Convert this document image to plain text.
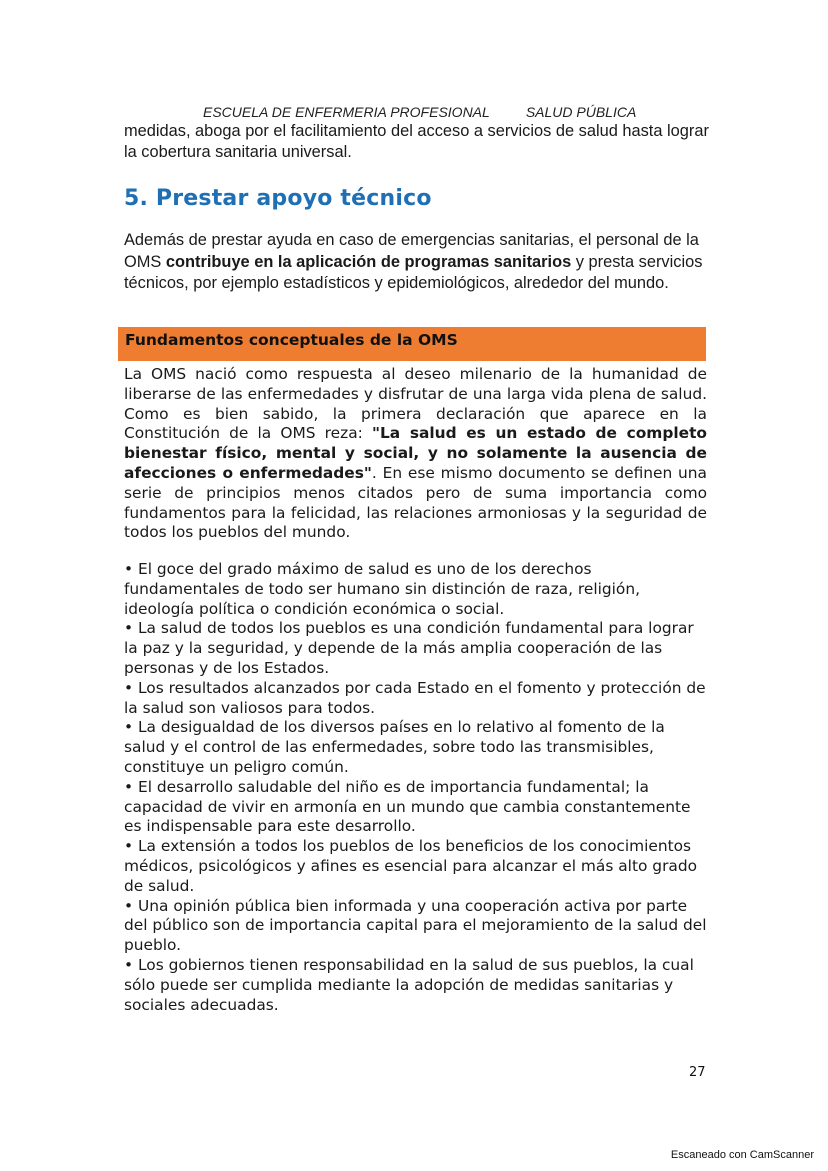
ESCUELA DE ENFERMERIA PROFESIONAL	SALUD PÚBLICA
medidas, aboga por el facilitamiento del acceso a servicios de salud hasta lograr la cobertura sanitaria universal.
5. Prestar apoyo técnico
Además de prestar ayuda en caso de emergencias sanitarias, el personal de la OMS contribuye en la aplicación de programas sanitarios y presta servicios técnicos, por ejemplo estadísticos y epidemiológicos, alrededor del mundo.
Fundamentos conceptuales de la OMS
La OMS nació como respuesta al deseo milenario de la humanidad de liberarse de las enfermedades y disfrutar de una larga vida plena de salud. Como es bien sabido, la primera declaración que aparece en la Constitución de la OMS reza: "La salud es un estado de completo bienestar físico, mental y social, y no solamente la ausencia de afecciones o enfermedades". En ese mismo documento se definen una serie de principios menos citados pero de suma importancia como fundamentos para la felicidad, las relaciones armoniosas y la seguridad de todos los pueblos del mundo.

• El goce del grado máximo de salud es uno de los derechos fundamentales de todo ser humano sin distinción de raza, religión, ideología política o condición económica o social.

• La salud de todos los pueblos es una condición fundamental para lograr la paz y la seguridad, y depende de la más amplia cooperación de las personas y de los Estados.

• Los resultados alcanzados por cada Estado en el fomento y protección de la salud son valiosos para todos.

• La desigualdad de los diversos países en lo relativo al fomento de la salud y el control de las enfermedades, sobre todo las transmisibles, constituye un peligro común.

• El desarrollo saludable del niño es de importancia fundamental; la capacidad de vivir en armonía en un mundo que cambia constantemente es indispensable para este desarrollo.

• La extensión a todos los pueblos de los beneficios de los conocimientos médicos, psicológicos y afines es esencial para alcanzar el más alto grado de salud.

• Una opinión pública bien informada y una cooperación activa por parte del público son de importancia capital para el mejoramiento de la salud del pueblo.

• Los gobiernos tienen responsabilidad en la salud de sus pueblos, la cual sólo puede ser cumplida mediante la adopción de medidas sanitarias y sociales adecuadas.

27
Escaneado con CamScanner
